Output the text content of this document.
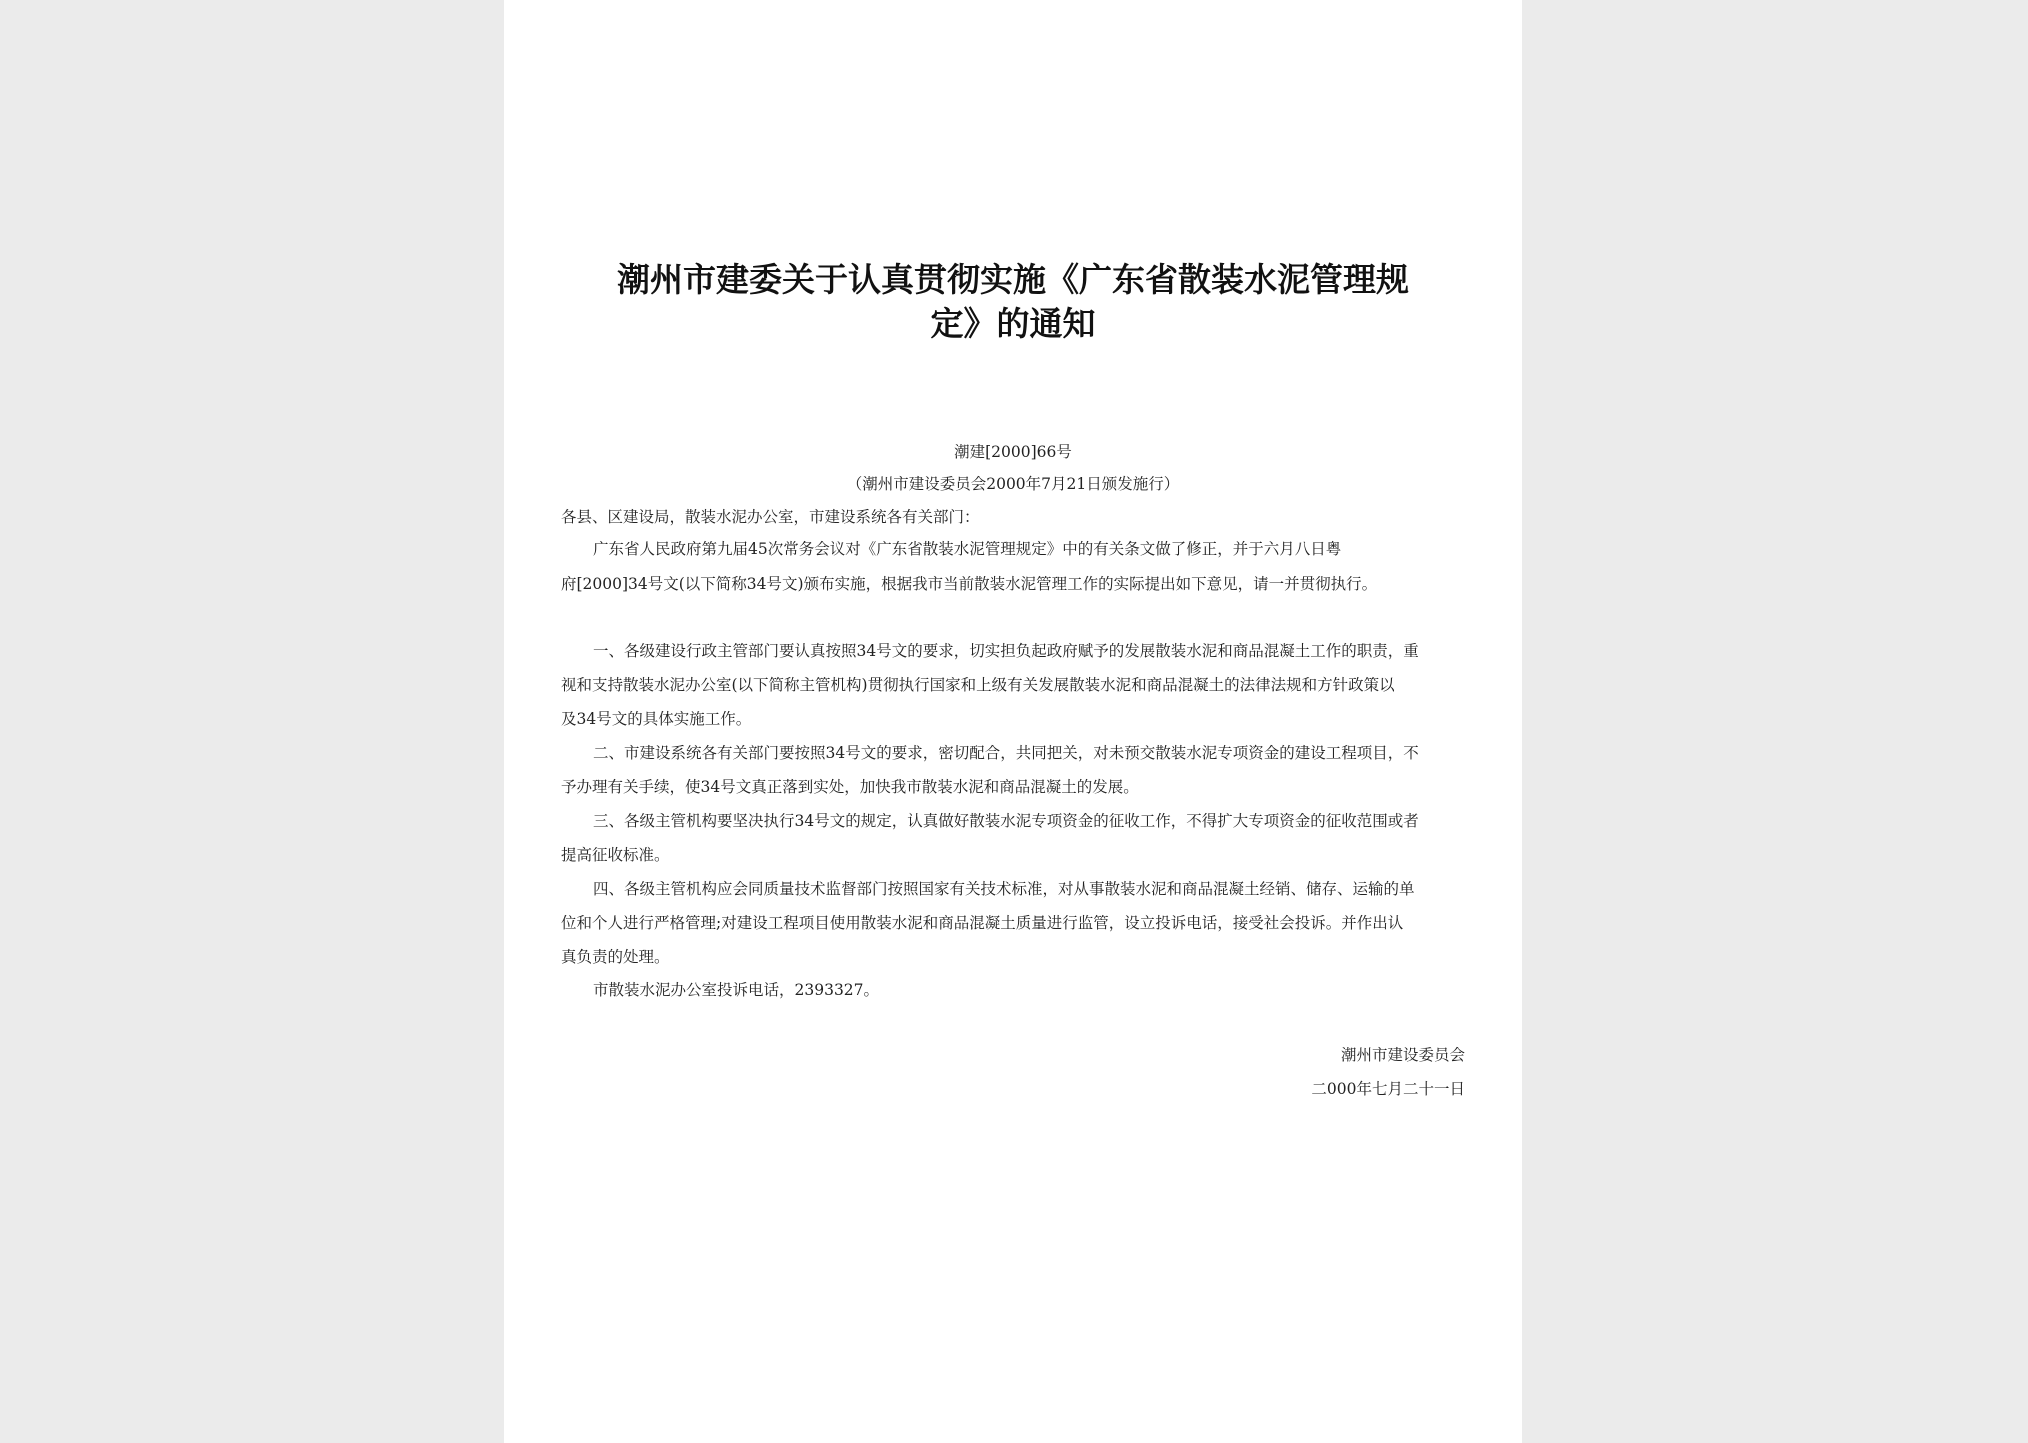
潮州市建委关于认真贯彻实施《广东省散装水泥管理规
定》的通知

潮建[2000]66号

（潮州市建设委员会2000年7月21日颁发施行）

各县、区建设局，散装水泥办公室，市建设系统各有关部门：

广东省人民政府第九届45次常务会议对《广东省散装水泥管理规定》中的有关条文做了修正，并于六月八日粤

府[2000]34号文(以下简称34号文)颁布实施，根据我市当前散装水泥管理工作的实际提出如下意见，请一并贯彻执行。

一、各级建设行政主管部门要认真按照34号文的要求，切实担负起政府赋予的发展散装水泥和商品混凝土工作的职责，重

视和支持散装水泥办公室(以下简称主管机构)贯彻执行国家和上级有关发展散装水泥和商品混凝土的法律法规和方针政策以

及34号文的具体实施工作。

二、市建设系统各有关部门要按照34号文的要求，密切配合，共同把关，对未预交散装水泥专项资金的建设工程项目，不

予办理有关手续，使34号文真正落到实处，加快我市散装水泥和商品混凝土的发展。

三、各级主管机构要坚决执行34号文的规定，认真做好散装水泥专项资金的征收工作，不得扩大专项资金的征收范围或者

提高征收标准。

四、各级主管机构应会同质量技术监督部门按照国家有关技术标准，对从事散装水泥和商品混凝土经销、储存、运输的单

位和个人进行严格管理;对建设工程项目使用散装水泥和商品混凝土质量进行监管，设立投诉电话，接受社会投诉。并作出认

真负责的处理。

市散装水泥办公室投诉电话，2393327。

潮州市建设委员会

二000年七月二十一日
